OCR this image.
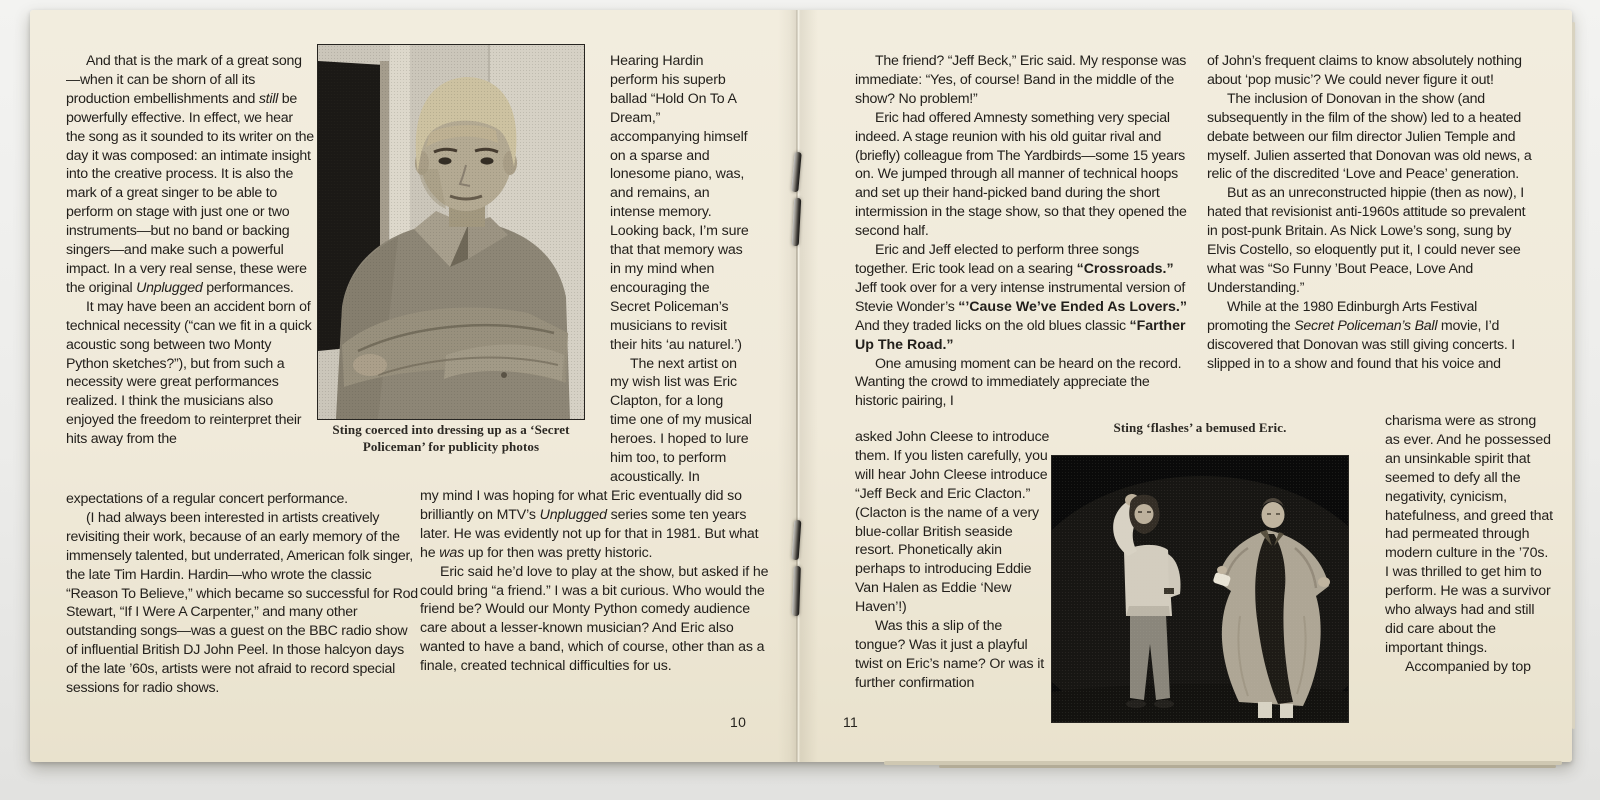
And that is the mark of a great song—when it can be shorn of all its production embellishments and still be powerfully effective. In effect, we hear the song as it sounded to its writer on the day it was composed: an intimate insight into the creative process. It is also the mark of a great singer to be able to perform on stage with just one or two instruments—but no band or backing singers—and make such a powerful impact. In a very real sense, these were the original Unplugged performances.

It may have been an accident born of technical necessity (“can we fit in a quick acoustic song between two Monty Python sketches?”), but from such a necessity were great performances realized. I think the musicians also enjoyed the freedom to reinterpret their hits away from the

Sting coerced into dressing up as a ‘Secret Policeman’ for publicity photos

Hearing Hardin perform his superb ballad “Hold On To A Dream,” accompanying himself on a sparse and lonesome piano, was, and remains, an intense memory. Looking back, I’m sure that that memory was in my mind when encouraging the Secret Policeman’s musicians to revisit their hits ‘au naturel.’)

The next artist on my wish list was Eric Clapton, for a long time one of my musical heroes. I hoped to lure him too, to perform acoustically. In

expectations of a regular concert performance.

(I had always been interested in artists creatively revisiting their work, because of an early memory of the immensely talented, but underrated, American folk singer, the late Tim Hardin. Hardin—who wrote the classic “Reason To Believe,” which became so successful for Rod Stewart, “If I Were A Carpenter,” and many other outstanding songs—was a guest on the BBC radio show of influential British DJ John Peel. In those halcyon days of the late ’60s, artists were not afraid to record special sessions for radio shows.

my mind I was hoping for what Eric eventually did so brilliantly on MTV’s Unplugged series some ten years later. He was evidently not up for that in 1981. But what he was up for then was pretty historic.

Eric said he’d love to play at the show, but asked if he could bring “a friend.” I was a bit curious. Who would the friend be? Would our Monty Python comedy audience care about a lesser-known musician? And Eric also wanted to have a band, which of course, other than as a finale, created technical difficulties for us.

10

The friend? “Jeff Beck,” Eric said. My response was immediate: “Yes, of course! Band in the middle of the show? No problem!”

Eric had offered Amnesty something very special indeed. A stage reunion with his old guitar rival and (briefly) colleague from The Yardbirds—some 15 years on. We jumped through all manner of technical hoops and set up their hand-picked band during the short intermission in the stage show, so that they opened the second half.

Eric and Jeff elected to perform three songs together. Eric took lead on a searing “Crossroads.” Jeff took over for a very intense instrumental version of Stevie Wonder’s “’Cause We’ve Ended As Lovers.” And they traded licks on the old blues classic “Farther Up The Road.”

One amusing moment can be heard on the record. Wanting the crowd to immediately appreciate the historic pairing, I

asked John Cleese to introduce them. If you listen carefully, you will hear John Cleese introduce “Jeff Beck and Eric Clacton.” (Clacton is the name of a very blue-collar British seaside resort. Phonetically akin perhaps to introducing Eddie Van Halen as Eddie ‘New Haven’!)

Was this a slip of the tongue? Was it just a playful twist on Eric’s name? Or was it further confirmation

of John’s frequent claims to know absolutely nothing about ‘pop music’? We could never figure it out!

The inclusion of Donovan in the show (and subsequently in the film of the show) led to a heated debate between our film director Julien Temple and myself. Julien asserted that Donovan was old news, a relic of the discredited ‘Love and Peace’ generation.

But as an unreconstructed hippie (then as now), I hated that revisionist anti-1960s attitude so prevalent in post-punk Britain. As Nick Lowe’s song, sung by Elvis Costello, so eloquently put it, I could never see what was “So Funny ’Bout Peace, Love And Understanding.”

While at the 1980 Edinburgh Arts Festival promoting the Secret Policeman’s Ball movie, I’d discovered that Donovan was still giving concerts. I slipped in to a show and found that his voice and

Sting ‘flashes’ a bemused Eric.	charisma were as strong as ever. And he possessed an unsinkable spirit that seemed to defy all the negativity, cynicism, hatefulness, and greed that had permeated through modern culture in the ’70s. I was thrilled to get him to perform. He was a survivor who always had and still did care about the important things.

Accompanied by top

11
